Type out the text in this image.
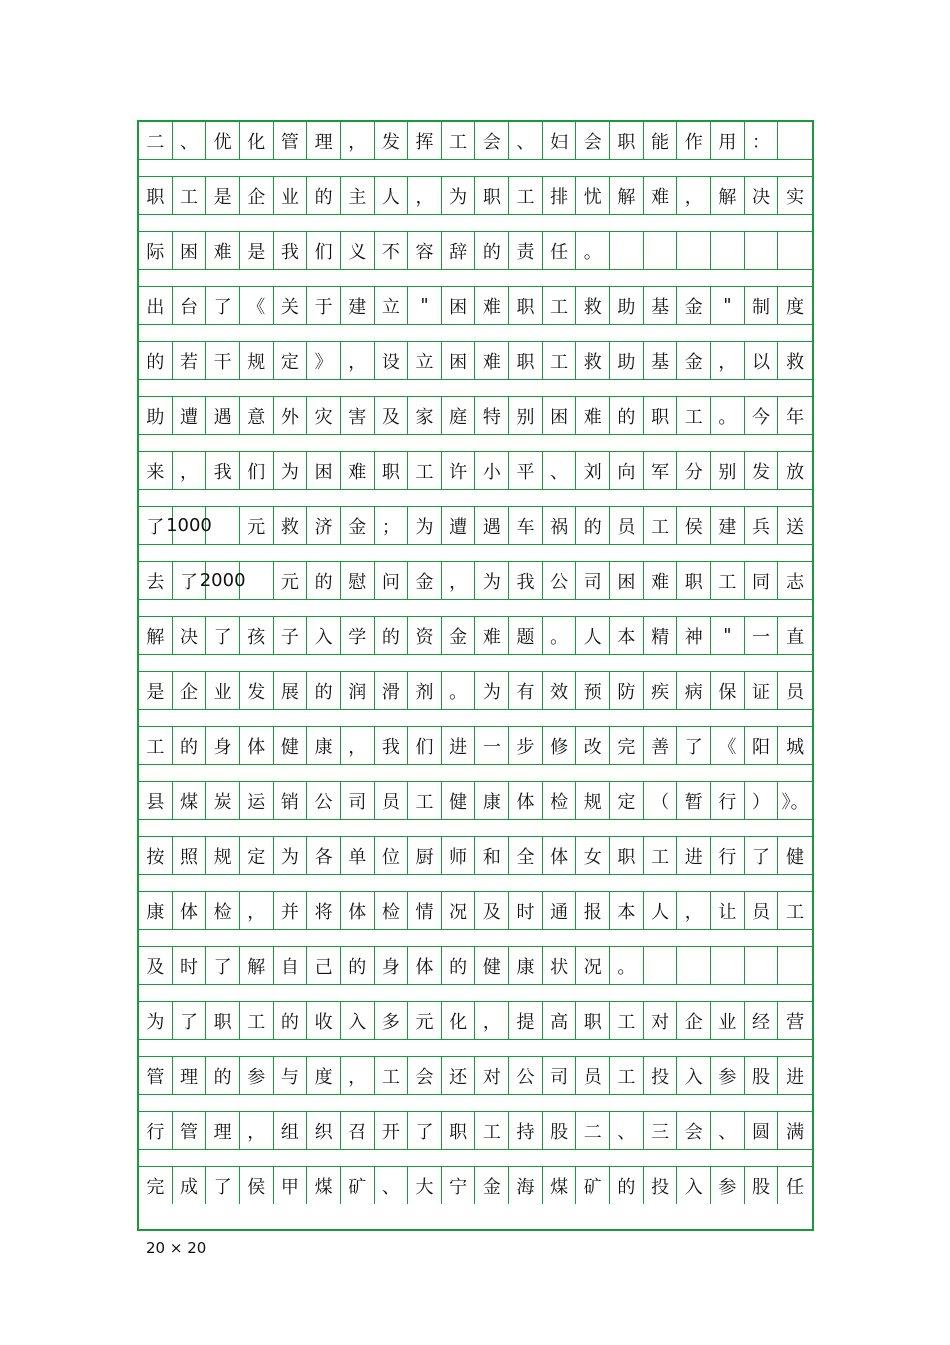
二 、 优 化 管 理 ， 发 挥 工 会 、 妇 会 职 能 作 用 ：
职 工 是 企 业 的 主 人 ， 为 职 工 排 忧 解 难 ， 解 决 实
际 困 难 是 我 们 义 不 容 辞 的 责 任 。
出 台 了 《 关 于 建 立	"	困 难 职 工 救 助 基 金	"	制 度
的 若 干 规 定 》 ， 设 立 困 难 职 工 救 助 基 金 ， 以 救
助 遭 遇 意 外 灾 害 及 家 庭 特 别 困 难 的 职 工 。 今 年
来 ， 我 们 为 困 难 职 工 许 小 平 、 刘 向 军 分 别 发 放
了 1000	元 救 济 金 ； 为 遭 遇 车 祸 的 员 工 侯 建 兵 送
去 了 2000	元 的 慰 问 金 ， 为 我 公 司 困 难 职 工 同 志
解 决 了 孩 子 入 学 的 资 金 难 题 。 人 本 精 神	"	一 直
是 企 业 发 展 的 润 滑 剂 。 为 有 效 预 防 疾 病 保 证 员
工 的 身 体 健 康 ， 我 们 进 一 步 修 改 完 善 了 《 阳 城
县 煤 炭 运 销 公 司 员 工 健 康 体 检 规 定 （ 暂 行 ） 》。
按 照 规 定 为 各 单 位 厨 师 和 全 体 女 职 工 进 行 了 健
康 体 检 ， 并 将 体 检 情 况 及 时 通 报 本 人 ， 让 员 工
及 时 了 解 自 己 的 身 体 的 健 康 状 况 。
为 了 职 工 的 收 入 多 元 化 ， 提 高 职 工 对 企 业 经 营
管 理 的 参 与 度 ， 工 会 还 对 公 司 员 工 投 入 参 股 进
行 管 理 ， 组 织 召 开 了 职 工 持 股 二 、 三 会 、 圆 满
完 成 了 侯 甲 煤 矿 、 大 宁 金 海 煤 矿 的 投 入 参 股 任
20 × 20
